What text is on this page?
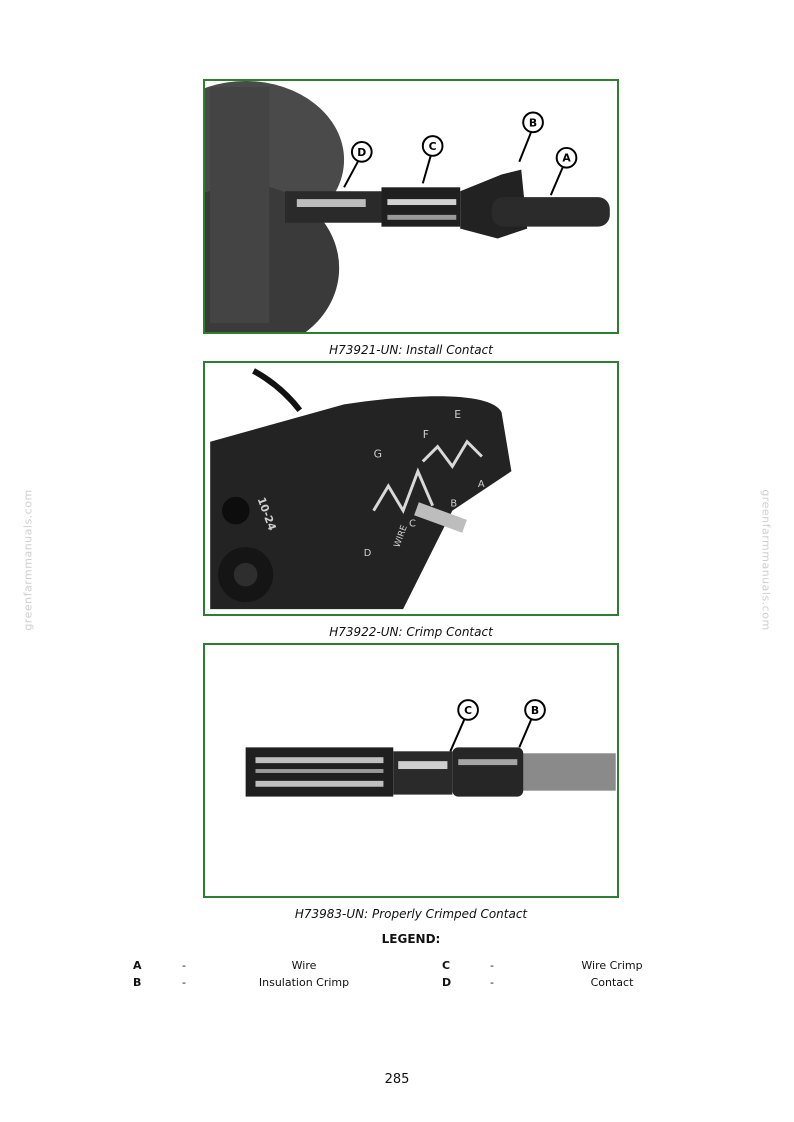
greenfarmmanuals.com	greenfarmmanuals.com
D	C
B
A
H73921-UN: Install Contact
10-24
E
F
G
A
B
C
D
WIRE
H73922-UN: Crimp Contact
C	B
H73983-UN: Properly Crimped Contact
LEGEND:
A	-	Wire	C	-	Wire Crimp
B	-	Insulation Crimp	D	-	Contact
285
